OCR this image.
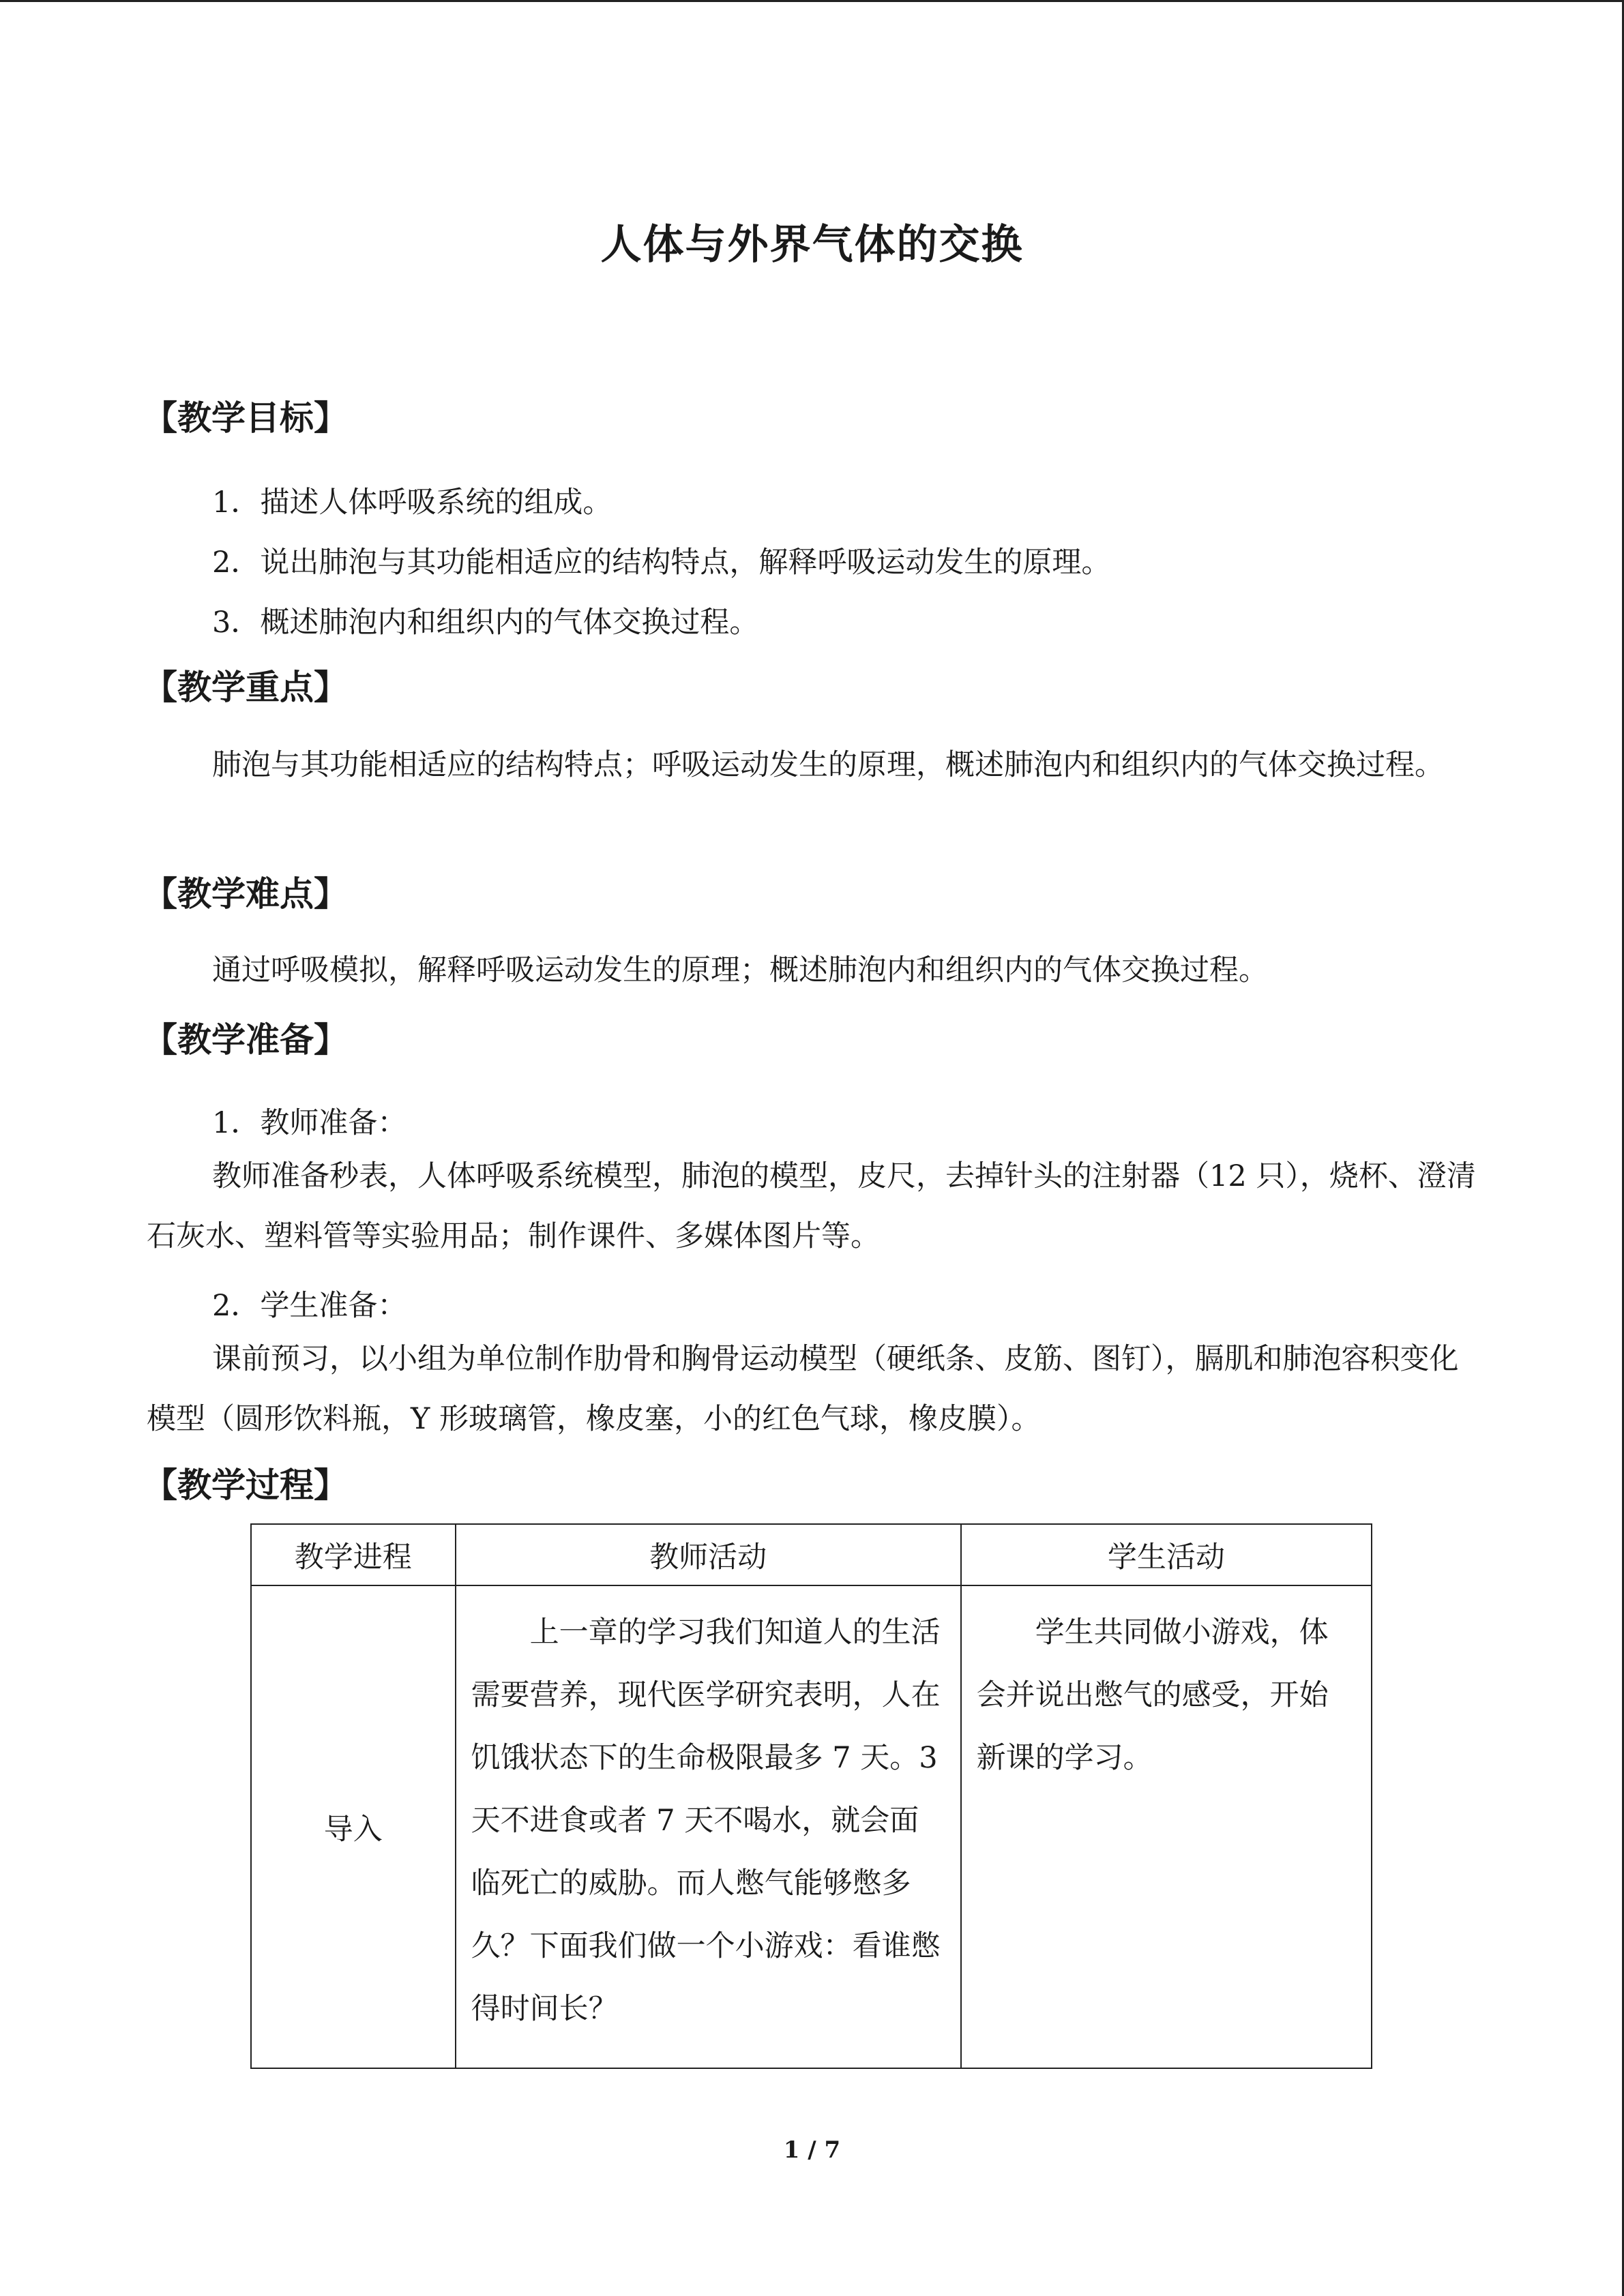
人体与外界气体的交换
【教学目标】
1．描述人体呼吸系统的组成。
2．说出肺泡与其功能相适应的结构特点，解释呼吸运动发生的原理。
3．概述肺泡内和组织内的气体交换过程。
【教学重点】
肺泡与其功能相适应的结构特点；呼吸运动发生的原理，概述肺泡内和组织内的气体交换过程。
【教学难点】
通过呼吸模拟，解释呼吸运动发生的原理；概述肺泡内和组织内的气体交换过程。
【教学准备】
1．教师准备：
教师准备秒表，人体呼吸系统模型，肺泡的模型，皮尺，去掉针头的注射器（12 只），烧杯、澄清石灰水、塑料管等实验用品；制作课件、多媒体图片等。
2．学生准备：
课前预习，以小组为单位制作肋骨和胸骨运动模型（硬纸条、皮筋、图钉），膈肌和肺泡容积变化模型（圆形饮料瓶，Y 形玻璃管，橡皮塞，小的红色气球，橡皮膜）。
【教学过程】
教学进程	教师活动	学生活动
导入	上一章的学习我们知道人的生活需要营养，现代医学研究表明，人在饥饿状态下的生命极限最多 7 天。3 天不进食或者 7 天不喝水，就会面临死亡的威胁。而人憋气能够憋多久？下面我们做一个小游戏：看谁憋得时间长？	学生共同做小游戏，体会并说出憋气的感受，开始新课的学习。
1 / 7
